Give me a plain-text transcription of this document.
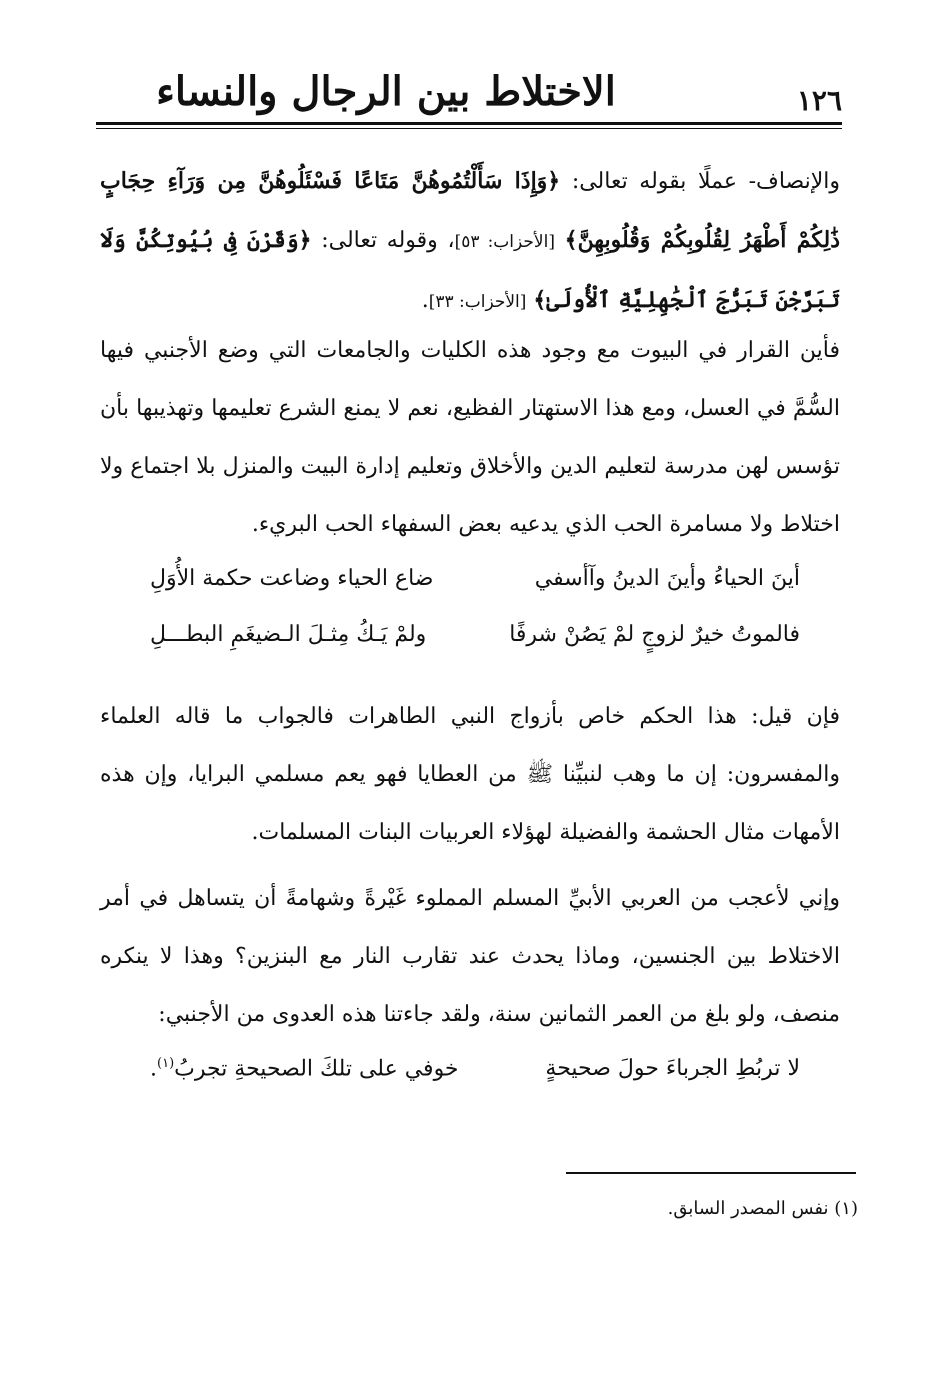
الاختلاط بين الرجال والنساء	١٢٦
والإنصاف- عملًا بقوله تعالى: ﴿وَإِذَا سَأَلْتُمُوهُنَّ مَتَاعًا فَسْئَلُوهُنَّ مِن وَرَآءِ حِجَابٍ ذَٰلِكُمْ أَطْهَرُ لِقُلُوبِكُمْ وَقُلُوبِهِنَّ﴾ [الأحزاب: ٥٣]، وقوله تعالى: ﴿وَقَرْنَ فِى بُيُوتِكُنَّ وَلَا تَبَرَّجْنَ تَبَرُّجَ ٱلْجَٰهِلِيَّةِ ٱلْأُولَىٰ﴾ [الأحزاب: ٣٣].
فأين القرار في البيوت مع وجود هذه الكليات والجامعات التي وضع الأجنبي فيها السُّمَّ في العسل، ومع هذا الاستهتار الفظيع، نعم لا يمنع الشرع تعليمها وتهذيبها بأن تؤسس لهن مدرسة لتعليم الدين والأخلاق وتعليم إدارة البيت والمنزل بلا اجتماع ولا اختلاط ولا مسامرة الحب الذي يدعيه بعض السفهاء الحب البريء.
أينَ الحياءُ وأينَ الدينُ وآأسفي
ضاع الحياء وضاعت حكمة الأُوَلِ
فالموتُ خيرٌ لزوجٍ لمْ يَصُنْ شرفًا
ولمْ يَـكُ مِثـلَ الـضيغَمِ البطـــلِ
فإن قيل: هذا الحكم خاص بأزواج النبي الطاهرات فالجواب ما قاله العلماء والمفسرون: إن ما وهب لنبيِّنا ﷺ من العطايا فهو يعم مسلمي البرايا، وإن هذه الأمهات مثال الحشمة والفضيلة لهؤلاء العربيات البنات المسلمات.
وإني لأعجب من العربي الأبيِّ المسلم المملوء غَيْرةً وشهامةً أن يتساهل في أمر الاختلاط بين الجنسين، وماذا يحدث عند تقارب النار مع البنزين؟ وهذا لا ينكره منصف، ولو بلغ من العمر الثمانين سنة، ولقد جاءتنا هذه العدوى من الأجنبي:
لا تربُطِ الجرباءَ حولَ صحيحةٍ
خوفي على تلكَ الصحيحةِ تجربُ$^{(١)}$.
(١) نفس المصدر السابق.
